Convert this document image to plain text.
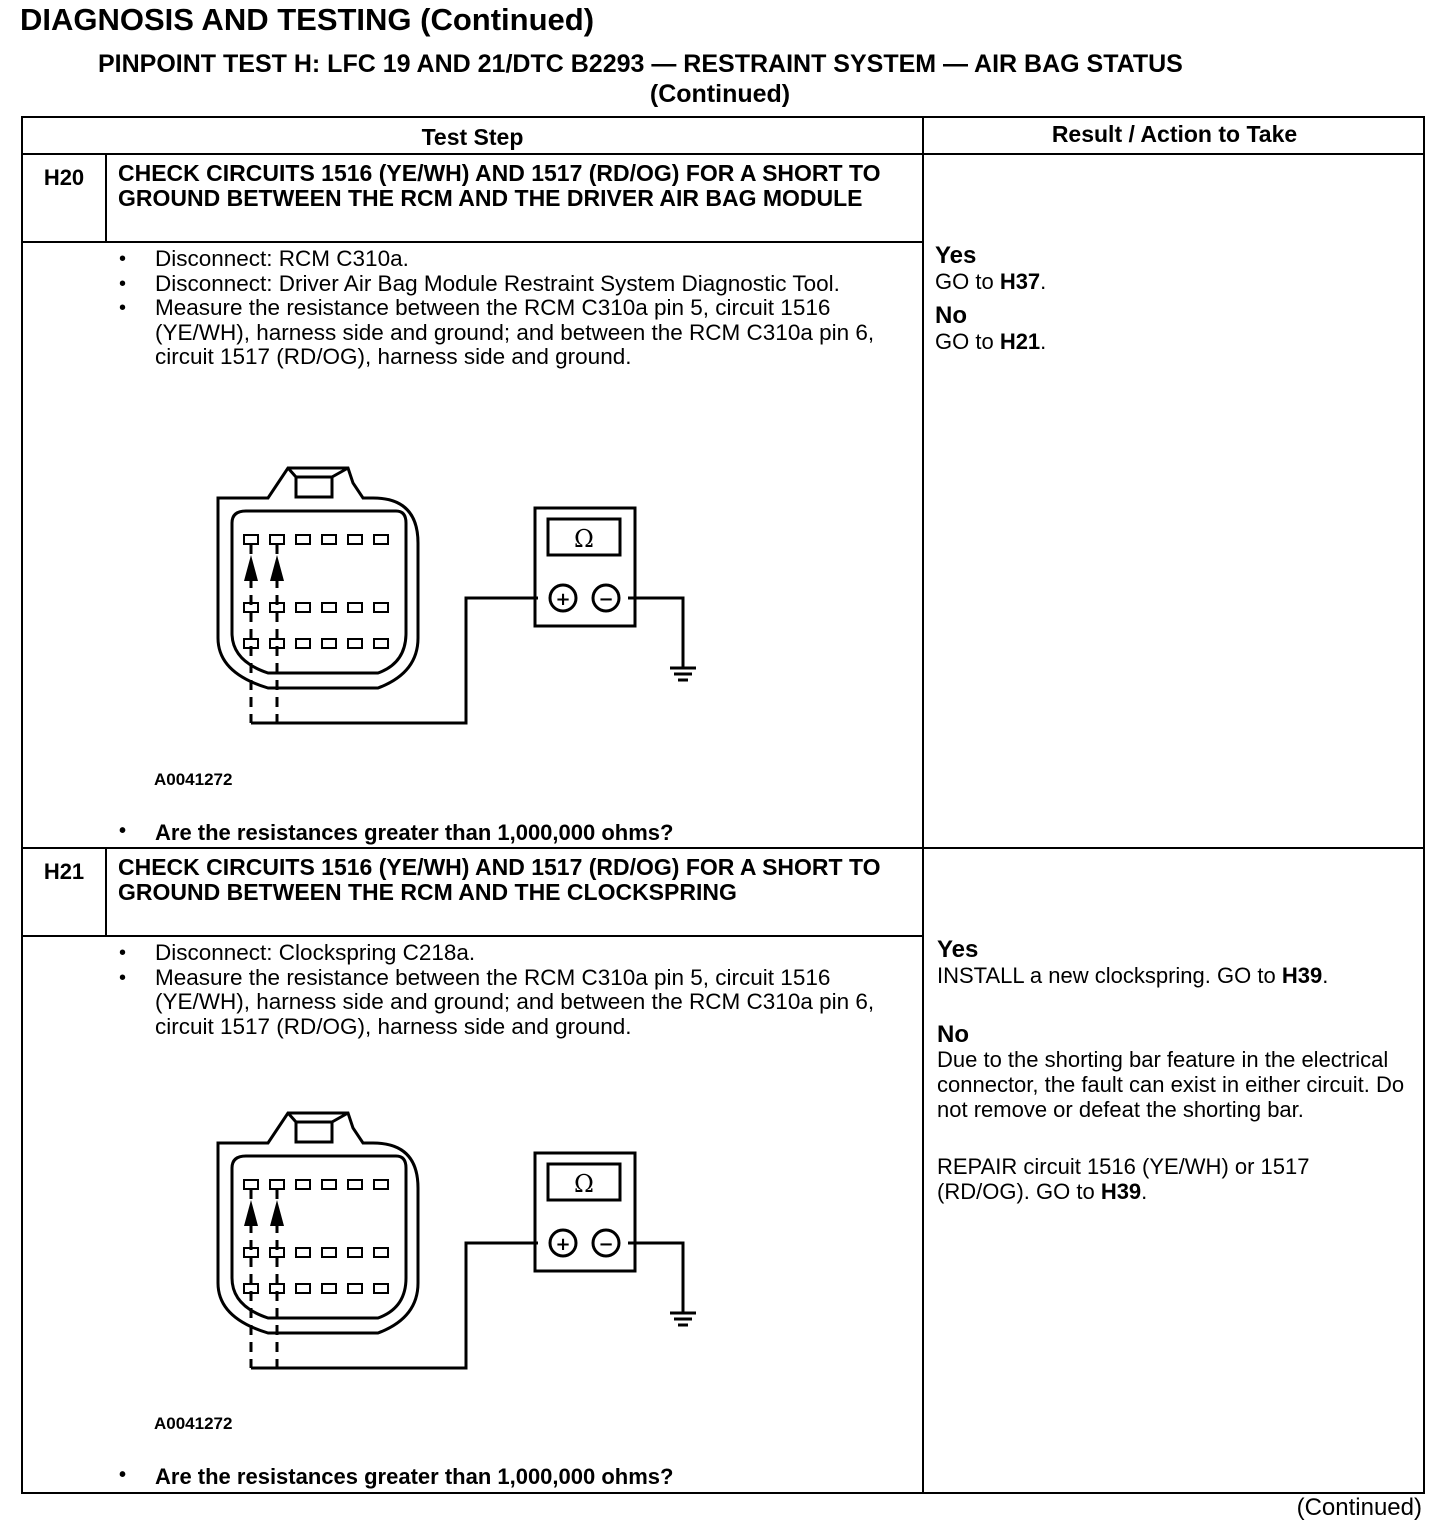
DIAGNOSIS AND TESTING (Continued)
PINPOINT TEST H: LFC 19 AND 21/DTC B2293 — RESTRAINT SYSTEM — AIR BAG STATUS
(Continued)
Test Step	Result / Action to Take
H20	CHECK CIRCUITS 1516 (YE/WH) AND 1517 (RD/OG) FOR A SHORT TO GROUND BETWEEN THE RCM AND THE DRIVER AIR BAG MODULE
• Disconnect: RCM C310a.
• Disconnect: Driver Air Bag Module Restraint System Diagnostic Tool.
• Measure the resistance between the RCM C310a pin 5, circuit 1516 (YE/WH), harness side and ground; and between the RCM C310a pin 6, circuit 1517 (RD/OG), harness side and ground.
Ω
+ −
A0041272
• Are the resistances greater than 1,000,000 ohms?
Yes
GO to H37.
No
GO to H21.
H21	CHECK CIRCUITS 1516 (YE/WH) AND 1517 (RD/OG) FOR A SHORT TO GROUND BETWEEN THE RCM AND THE CLOCKSPRING
• Disconnect: Clockspring C218a.
• Measure the resistance between the RCM C310a pin 5, circuit 1516 (YE/WH), harness side and ground; and between the RCM C310a pin 6, circuit 1517 (RD/OG), harness side and ground.
Ω
+ −
A0041272
• Are the resistances greater than 1,000,000 ohms?
Yes
INSTALL a new clockspring. GO to H39.
No
Due to the shorting bar feature in the electrical connector, the fault can exist in either circuit. Do not remove or defeat the shorting bar.
REPAIR circuit 1516 (YE/WH) or 1517 (RD/OG). GO to H39.
(Continued)
